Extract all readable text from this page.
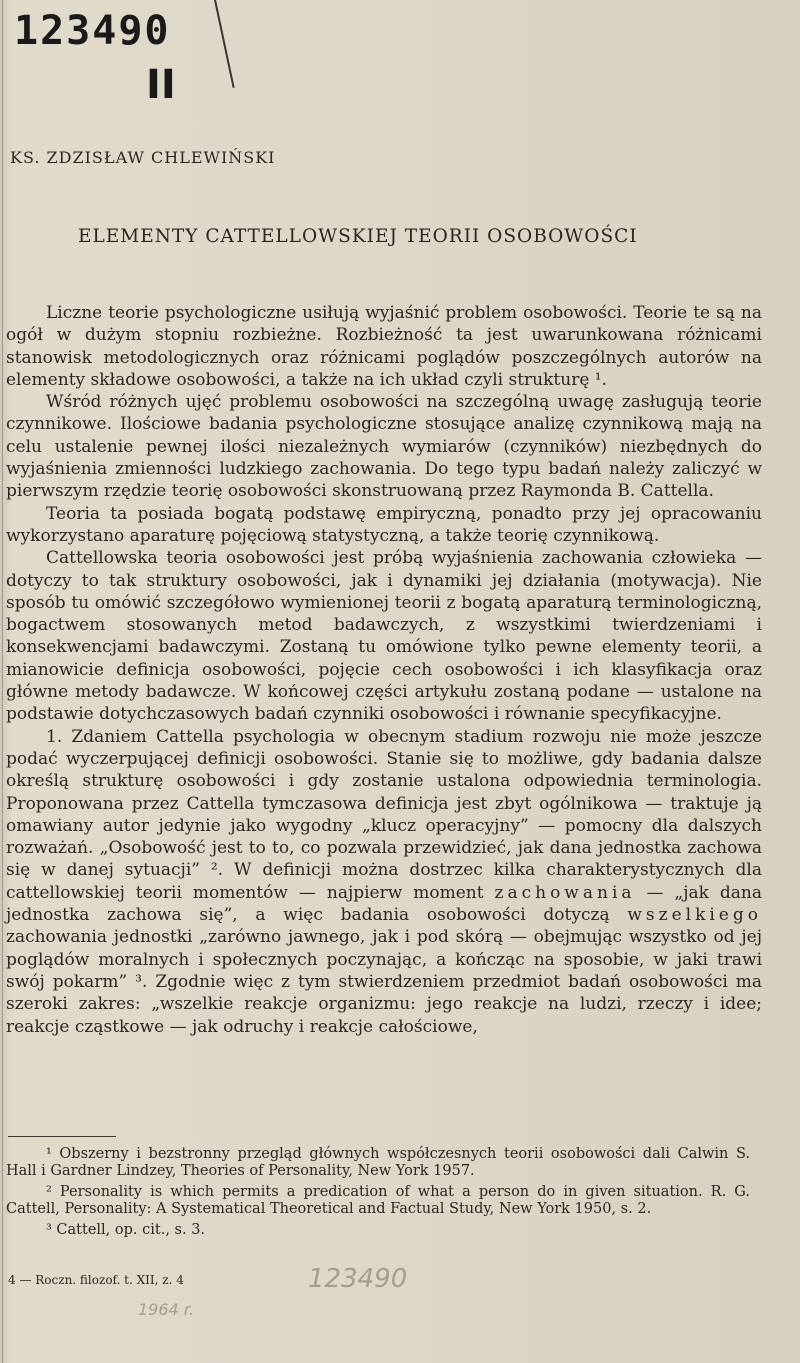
123490
II
KS. ZDZISŁAW CHLEWIŃSKI
ELEMENTY CATTELLOWSKIEJ TEORII OSOBOWOŚCI

Liczne teorie psychologiczne usiłują wyjaśnić problem osobowości. Teorie te są na ogół w dużym stopniu rozbieżne. Rozbieżność ta jest uwarunkowana różnicami stanowisk metodologicznych oraz różnicami poglądów poszczególnych autorów na elementy składowe osobowości, a także na ich układ czyli strukturę ¹.

Wśród różnych ujęć problemu osobowości na szczególną uwagę zasługują teorie czynnikowe. Ilościowe badania psychologiczne stosujące analizę czynnikową mają na celu ustalenie pewnej ilości niezależnych wymiarów (czynników) niezbędnych do wyjaśnienia zmienności ludzkiego zachowania. Do tego typu badań należy zaliczyć w pierwszym rzędzie teorię osobowości skonstruowaną przez Raymonda B. Cattella.

Teoria ta posiada bogatą podstawę empiryczną, ponadto przy jej opracowaniu wykorzystano aparaturę pojęciową statystyczną, a także teorię czynnikową.

Cattellowska teoria osobowości jest próbą wyjaśnienia zachowania człowieka — dotyczy to tak struktury osobowości, jak i dynamiki jej działania (motywacja). Nie sposób tu omówić szczegółowo wymienionej teorii z bogatą aparaturą terminologiczną, bogactwem stosowanych metod badawczych, z wszystkimi twierdzeniami i konsekwencjami badawczymi. Zostaną tu omówione tylko pewne elementy teorii, a mianowicie definicja osobowości, pojęcie cech osobowości i ich klasyfikacja oraz główne metody badawcze. W końcowej części artykułu zostaną podane — ustalone na podstawie dotychczasowych badań czynniki osobowości i równanie specyfikacyjne.

1. Zdaniem Cattella psychologia w obecnym stadium rozwoju nie może jeszcze podać wyczerpującej definicji osobowości. Stanie się to możliwe, gdy badania dalsze określą strukturę osobowości i gdy zostanie ustalona odpowiednia terminologia. Proponowana przez Cattella tymczasowa definicja jest zbyt ogólnikowa — traktuje ją omawiany autor jedynie jako wygodny „klucz operacyjny” — pomocny dla dalszych rozważań. „Osobowość jest to to, co pozwala przewidzieć, jak dana jednostka zachowa się w danej sytuacji” ². W definicji można dostrzec kilka charakterystycznych dla cattellowskiej teorii momentów — najpierw moment zachowania — „jak dana jednostka zachowa się”, a więc badania osobowości dotyczą wszelkiego zachowania jednostki „zarówno jawnego, jak i pod skórą — obejmując wszystko od jej poglądów moralnych i społecznych poczynając, a kończąc na sposobie, w jaki trawi swój pokarm” ³. Zgodnie więc z tym stwierdzeniem przedmiot badań osobowości ma szeroki zakres: „wszelkie reakcje organizmu: jego reakcje na ludzi, rzeczy i idee; reakcje cząstkowe — jak odruchy i reakcje całościowe,

¹ Obszerny i bezstronny przegląd głównych współczesnych teorii osobowości dali Calwin S. Hall i Gardner Lindzey, Theories of Personality, New York 1957.

² Personality is which permits a predication of what a person do in given situation. R. G. Cattell, Personality: A Systematical Theoretical and Factual Study, New York 1950, s. 2.

³ Cattell, op. cit., s. 3.

4 — Roczn. filozof. t. XII, z. 4	123490
1964 r.
